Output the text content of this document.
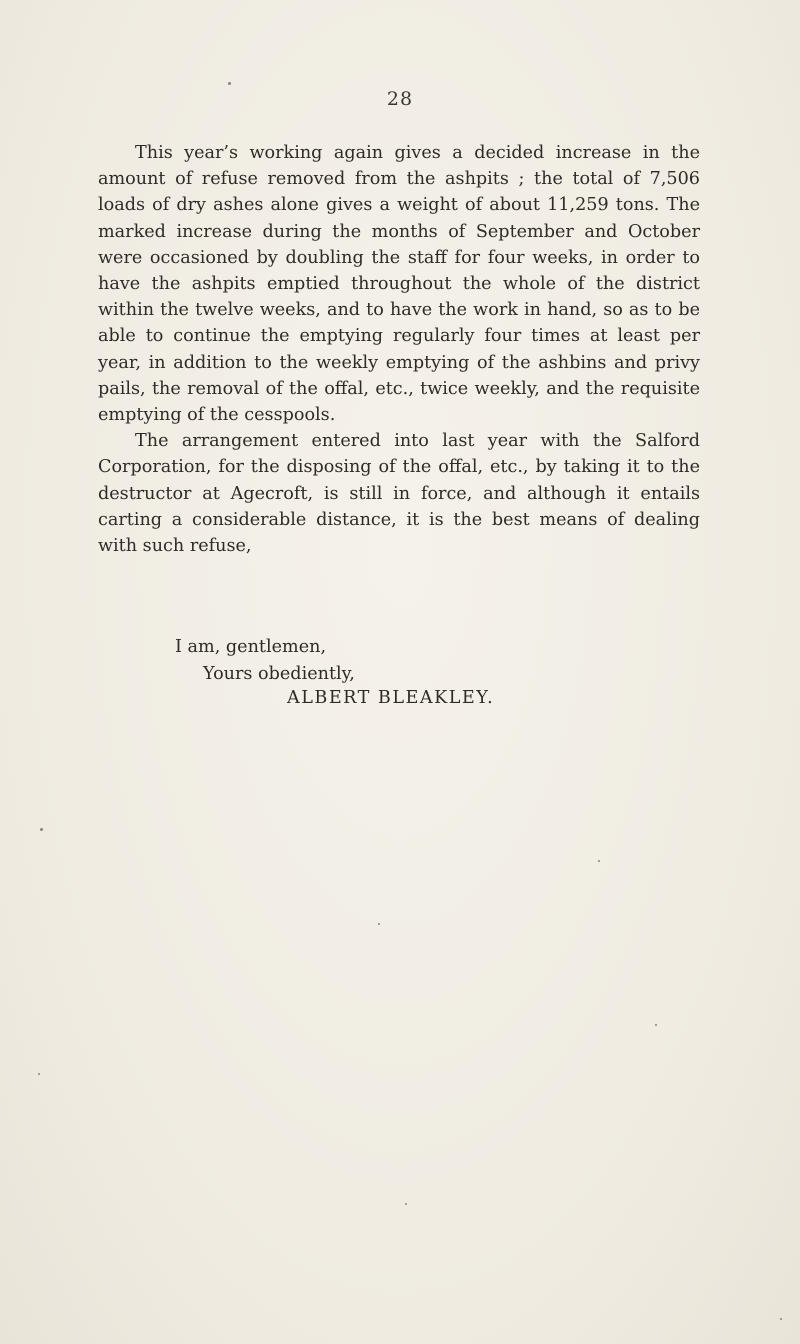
28

This year’s working again gives a decided increase in the amount of refuse removed from the ashpits ; the total of 7,506 loads of dry ashes alone gives a weight of about 11,259 tons. The marked increase during the months of September and October were occasioned by doubling the staff for four weeks, in order to have the ashpits emptied throughout the whole of the district within the twelve weeks, and to have the work in hand, so as to be able to continue the emptying regularly four times at least per year, in addition to the weekly emptying of the ashbins and privy pails, the removal of the offal, etc., twice weekly, and the requisite emptying of the cesspools.

The arrangement entered into last year with the Salford Corporation, for the disposing of the offal, etc., by taking it to the destructor at Agecroft, is still in force, and although it entails carting a considerable distance, it is the best means of dealing with such refuse,

I am, gentlemen,
Yours obediently,
ALBERT BLEAKLEY.
